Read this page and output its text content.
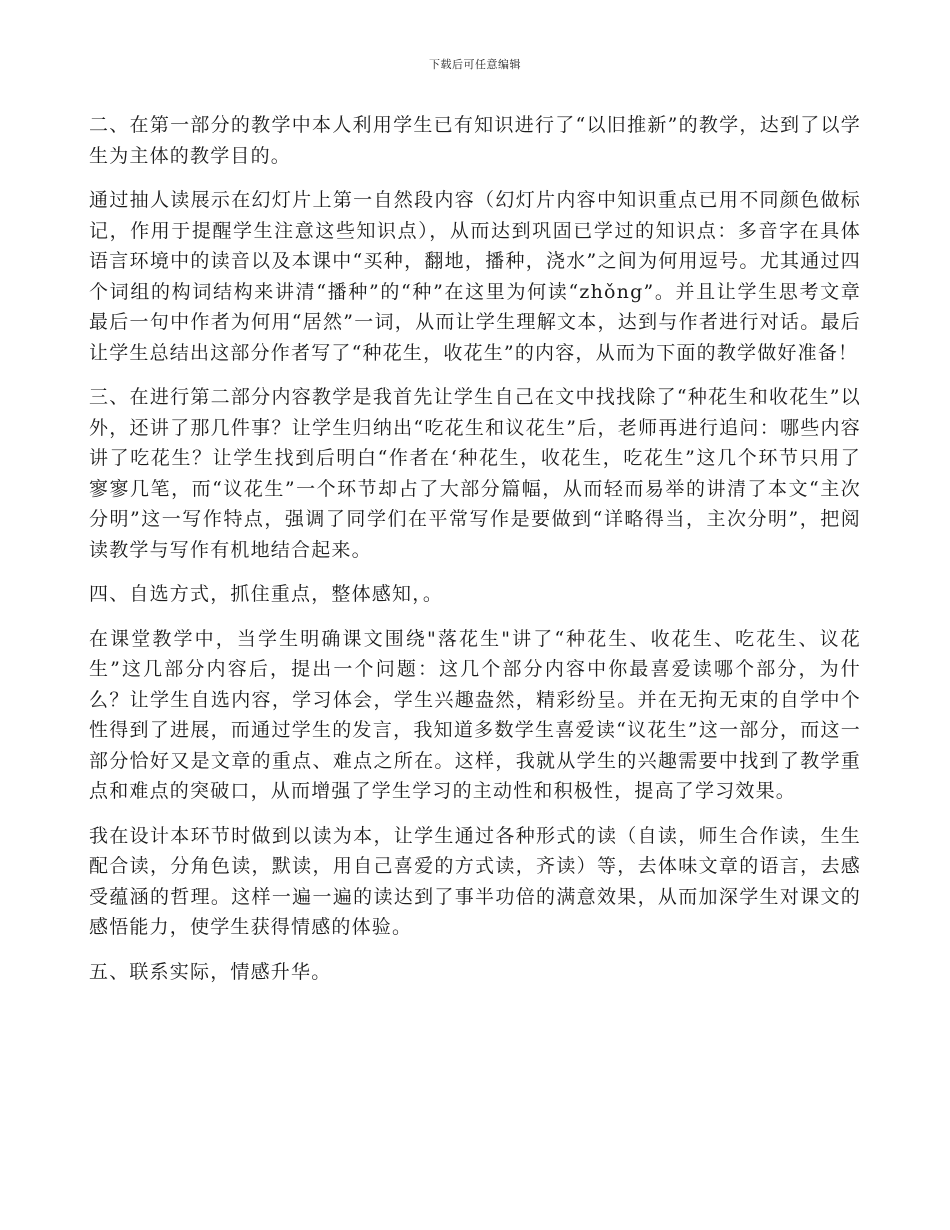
下载后可任意编辑

二、在第一部分的教学中本人利用学生已有知识进行了“以旧推新”的教学，达到了以学生为主体的教学目的。

通过抽人读展示在幻灯片上第一自然段内容（幻灯片内容中知识重点已用不同颜色做标记，作用于提醒学生注意这些知识点），从而达到巩固已学过的知识点：多音字在具体语言环境中的读音以及本课中“买种，翻地，播种，浇水”之间为何用逗号。尤其通过四个词组的构词结构来讲清“播种”的“种”在这里为何读“zhǒng”。并且让学生思考文章最后一句中作者为何用“居然”一词，从而让学生理解文本，达到与作者进行对话。最后让学生总结出这部分作者写了“种花生，收花生”的内容，从而为下面的教学做好准备！

三、在进行第二部分内容教学是我首先让学生自己在文中找找除了“种花生和收花生”以外，还讲了那几件事？让学生归纳出“吃花生和议花生”后，老师再进行追问：哪些内容讲了吃花生？让学生找到后明白“作者在‘种花生，收花生，吃花生”这几个环节只用了寥寥几笔，而“议花生”一个环节却占了大部分篇幅，从而轻而易举的讲清了本文“主次分明”这一写作特点，强调了同学们在平常写作是要做到“详略得当，主次分明”，把阅读教学与写作有机地结合起来。

四、自选方式，抓住重点，整体感知，。

在课堂教学中，当学生明确课文围绕"落花生"讲了“种花生、收花生、吃花生、议花生”这几部分内容后，提出一个问题：这几个部分内容中你最喜爱读哪个部分，为什么？让学生自选内容，学习体会，学生兴趣盎然，精彩纷呈。并在无拘无束的自学中个性得到了进展，而通过学生的发言，我知道多数学生喜爱读“议花生”这一部分，而这一部分恰好又是文章的重点、难点之所在。这样，我就从学生的兴趣需要中找到了教学重点和难点的突破口，从而增强了学生学习的主动性和积极性，提高了学习效果。

我在设计本环节时做到以读为本，让学生通过各种形式的读（自读，师生合作读，生生配合读，分角色读，默读，用自己喜爱的方式读，齐读）等，去体味文章的语言，去感受蕴涵的哲理。这样一遍一遍的读达到了事半功倍的满意效果，从而加深学生对课文的感悟能力，使学生获得情感的体验。

五、联系实际，情感升华。
